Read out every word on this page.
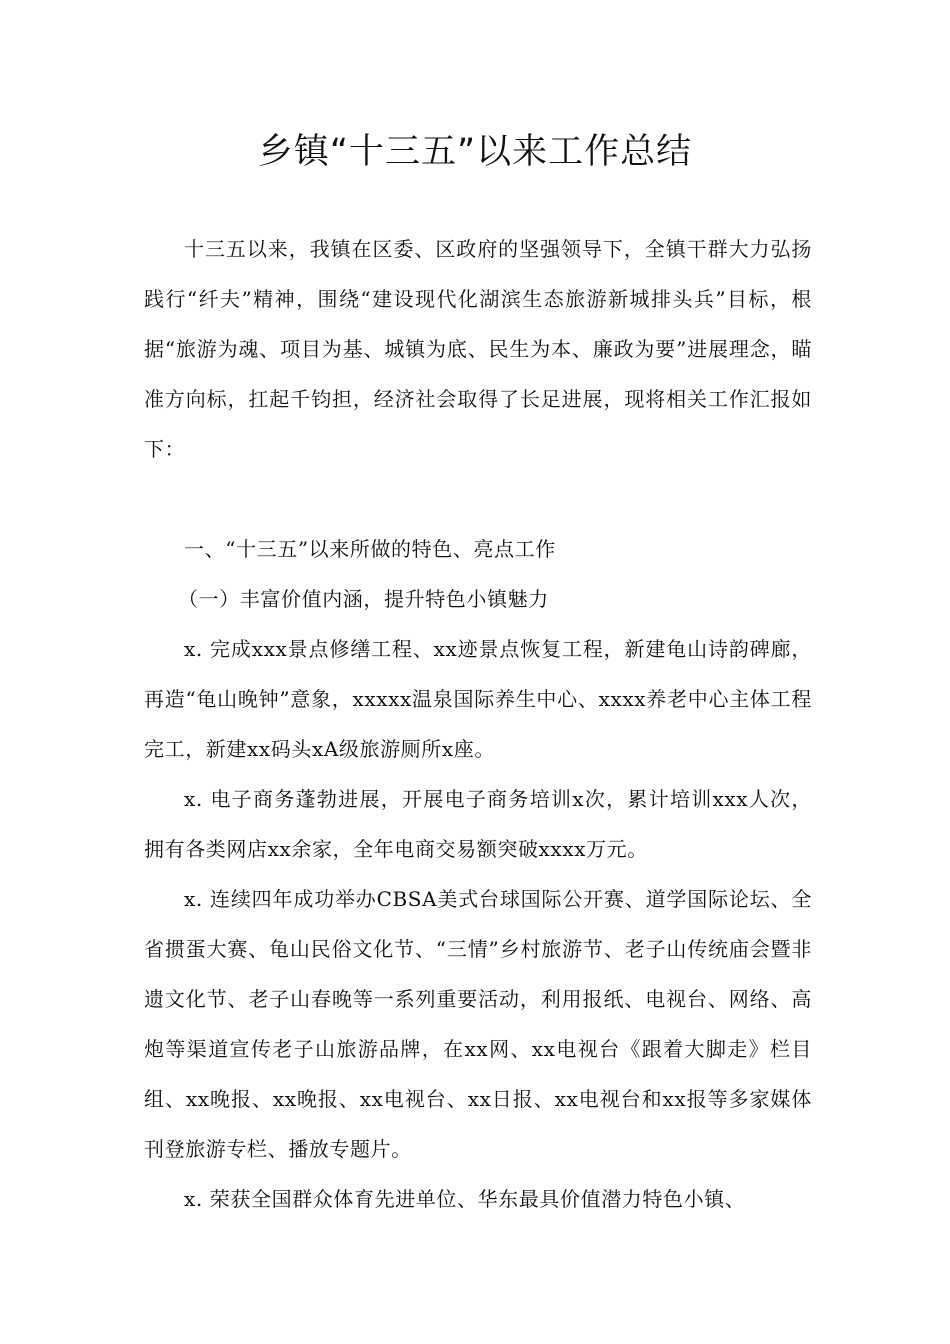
乡镇“十三五”以来工作总结

十三五以来，我镇在区委、区政府的坚强领导下，全镇干群大力弘扬践行“纤夫”精神，围绕“建设现代化湖滨生态旅游新城排头兵”目标，根据“旅游为魂、项目为基、城镇为底、民生为本、廉政为要”进展理念，瞄准方向标，扛起千钧担，经济社会取得了长足进展，现将相关工作汇报如下：

一、“十三五”以来所做的特色、亮点工作

（一）丰富价值内涵，提升特色小镇魅力

x. 完成xxx景点修缮工程、xx迹景点恢复工程，新建龟山诗韵碑廊，再造“龟山晚钟”意象，xxxxx温泉国际养生中心、xxxx养老中心主体工程完工，新建xx码头xA级旅游厕所x座。

x. 电子商务蓬勃进展，开展电子商务培训x次，累计培训xxx人次，拥有各类网店xx余家，全年电商交易额突破xxxx万元。

x. 连续四年成功举办CBSA美式台球国际公开赛、道学国际论坛、全省掼蛋大赛、龟山民俗文化节、“三情”乡村旅游节、老子山传统庙会暨非遗文化节、老子山春晚等一系列重要活动，利用报纸、电视台、网络、高炮等渠道宣传老子山旅游品牌，在xx网、xx电视台《跟着大脚走》栏目组、xx晚报、xx晚报、xx电视台、xx日报、xx电视台和xx报等多家媒体刊登旅游专栏、播放专题片。

x. 荣获全国群众体育先进单位、华东最具价值潜力特色小镇、
